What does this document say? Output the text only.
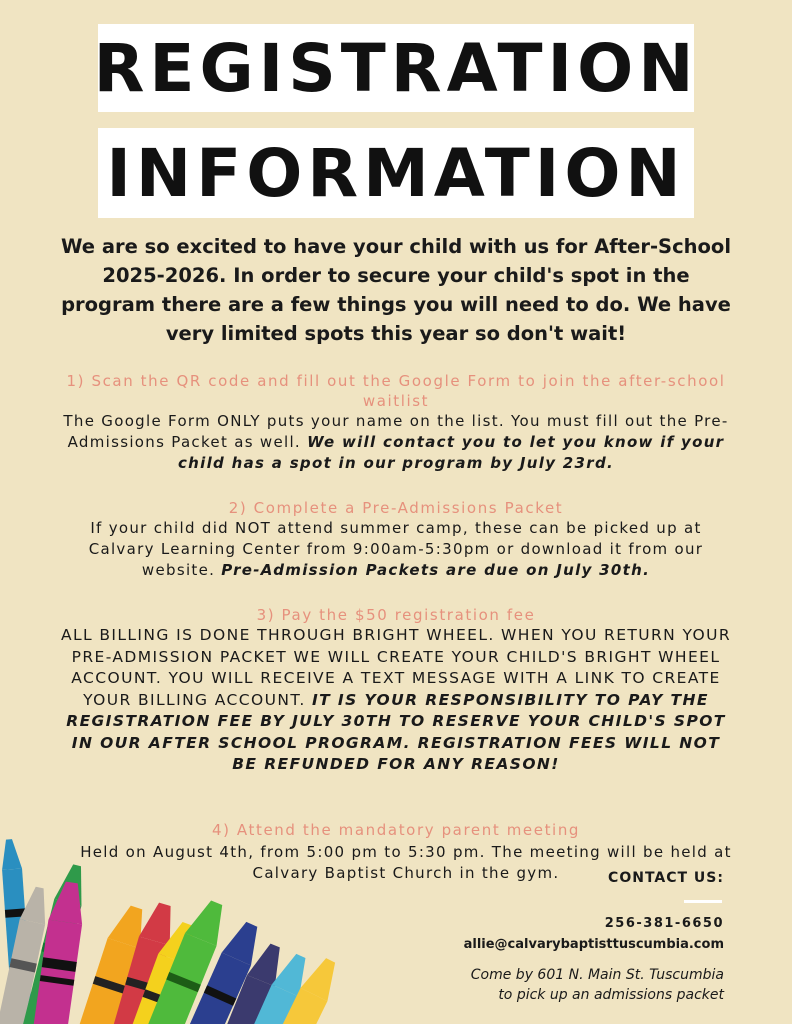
REGISTRATION
INFORMATION
We are so excited to have your child with us for After-School 2025-2026. In order to secure your child's spot in the program there are a few things you will need to do. We have very limited spots this year so don't wait!
1) Scan the QR code and fill out the Google Form to join the after-school waitlist
The Google Form ONLY puts your name on the list. You must fill out the Pre-Admissions Packet as well. We will contact you to let you know if your child has a spot in our program by July 23rd.
2) Complete a Pre-Admissions Packet
If your child did NOT attend summer camp, these can be picked up at Calvary Learning Center from 9:00am-5:30pm or download it from our website. Pre-Admission Packets are due on July 30th.
3) Pay the $50 registration fee
ALL BILLING IS DONE THROUGH BRIGHT WHEEL. WHEN YOU RETURN YOUR PRE-ADMISSION PACKET WE WILL CREATE YOUR CHILD'S BRIGHT WHEEL ACCOUNT. YOU WILL RECEIVE A TEXT MESSAGE WITH A LINK TO CREATE YOUR BILLING ACCOUNT. IT IS YOUR RESPONSIBILITY TO PAY THE REGISTRATION FEE BY JULY 30TH TO RESERVE YOUR CHILD'S SPOT IN OUR AFTER SCHOOL PROGRAM. REGISTRATION FEES WILL NOT BE REFUNDED FOR ANY REASON!
4) Attend the mandatory parent meeting
Held on August 4th, from 5:00 pm to 5:30 pm. The meeting will be held at Calvary Baptist Church in the gym.	CONTACT US:
256-381-6650
allie@calvarybaptisttuscumbia.com
Come by 601 N. Main St. Tuscumbia
to pick up an admissions packet
